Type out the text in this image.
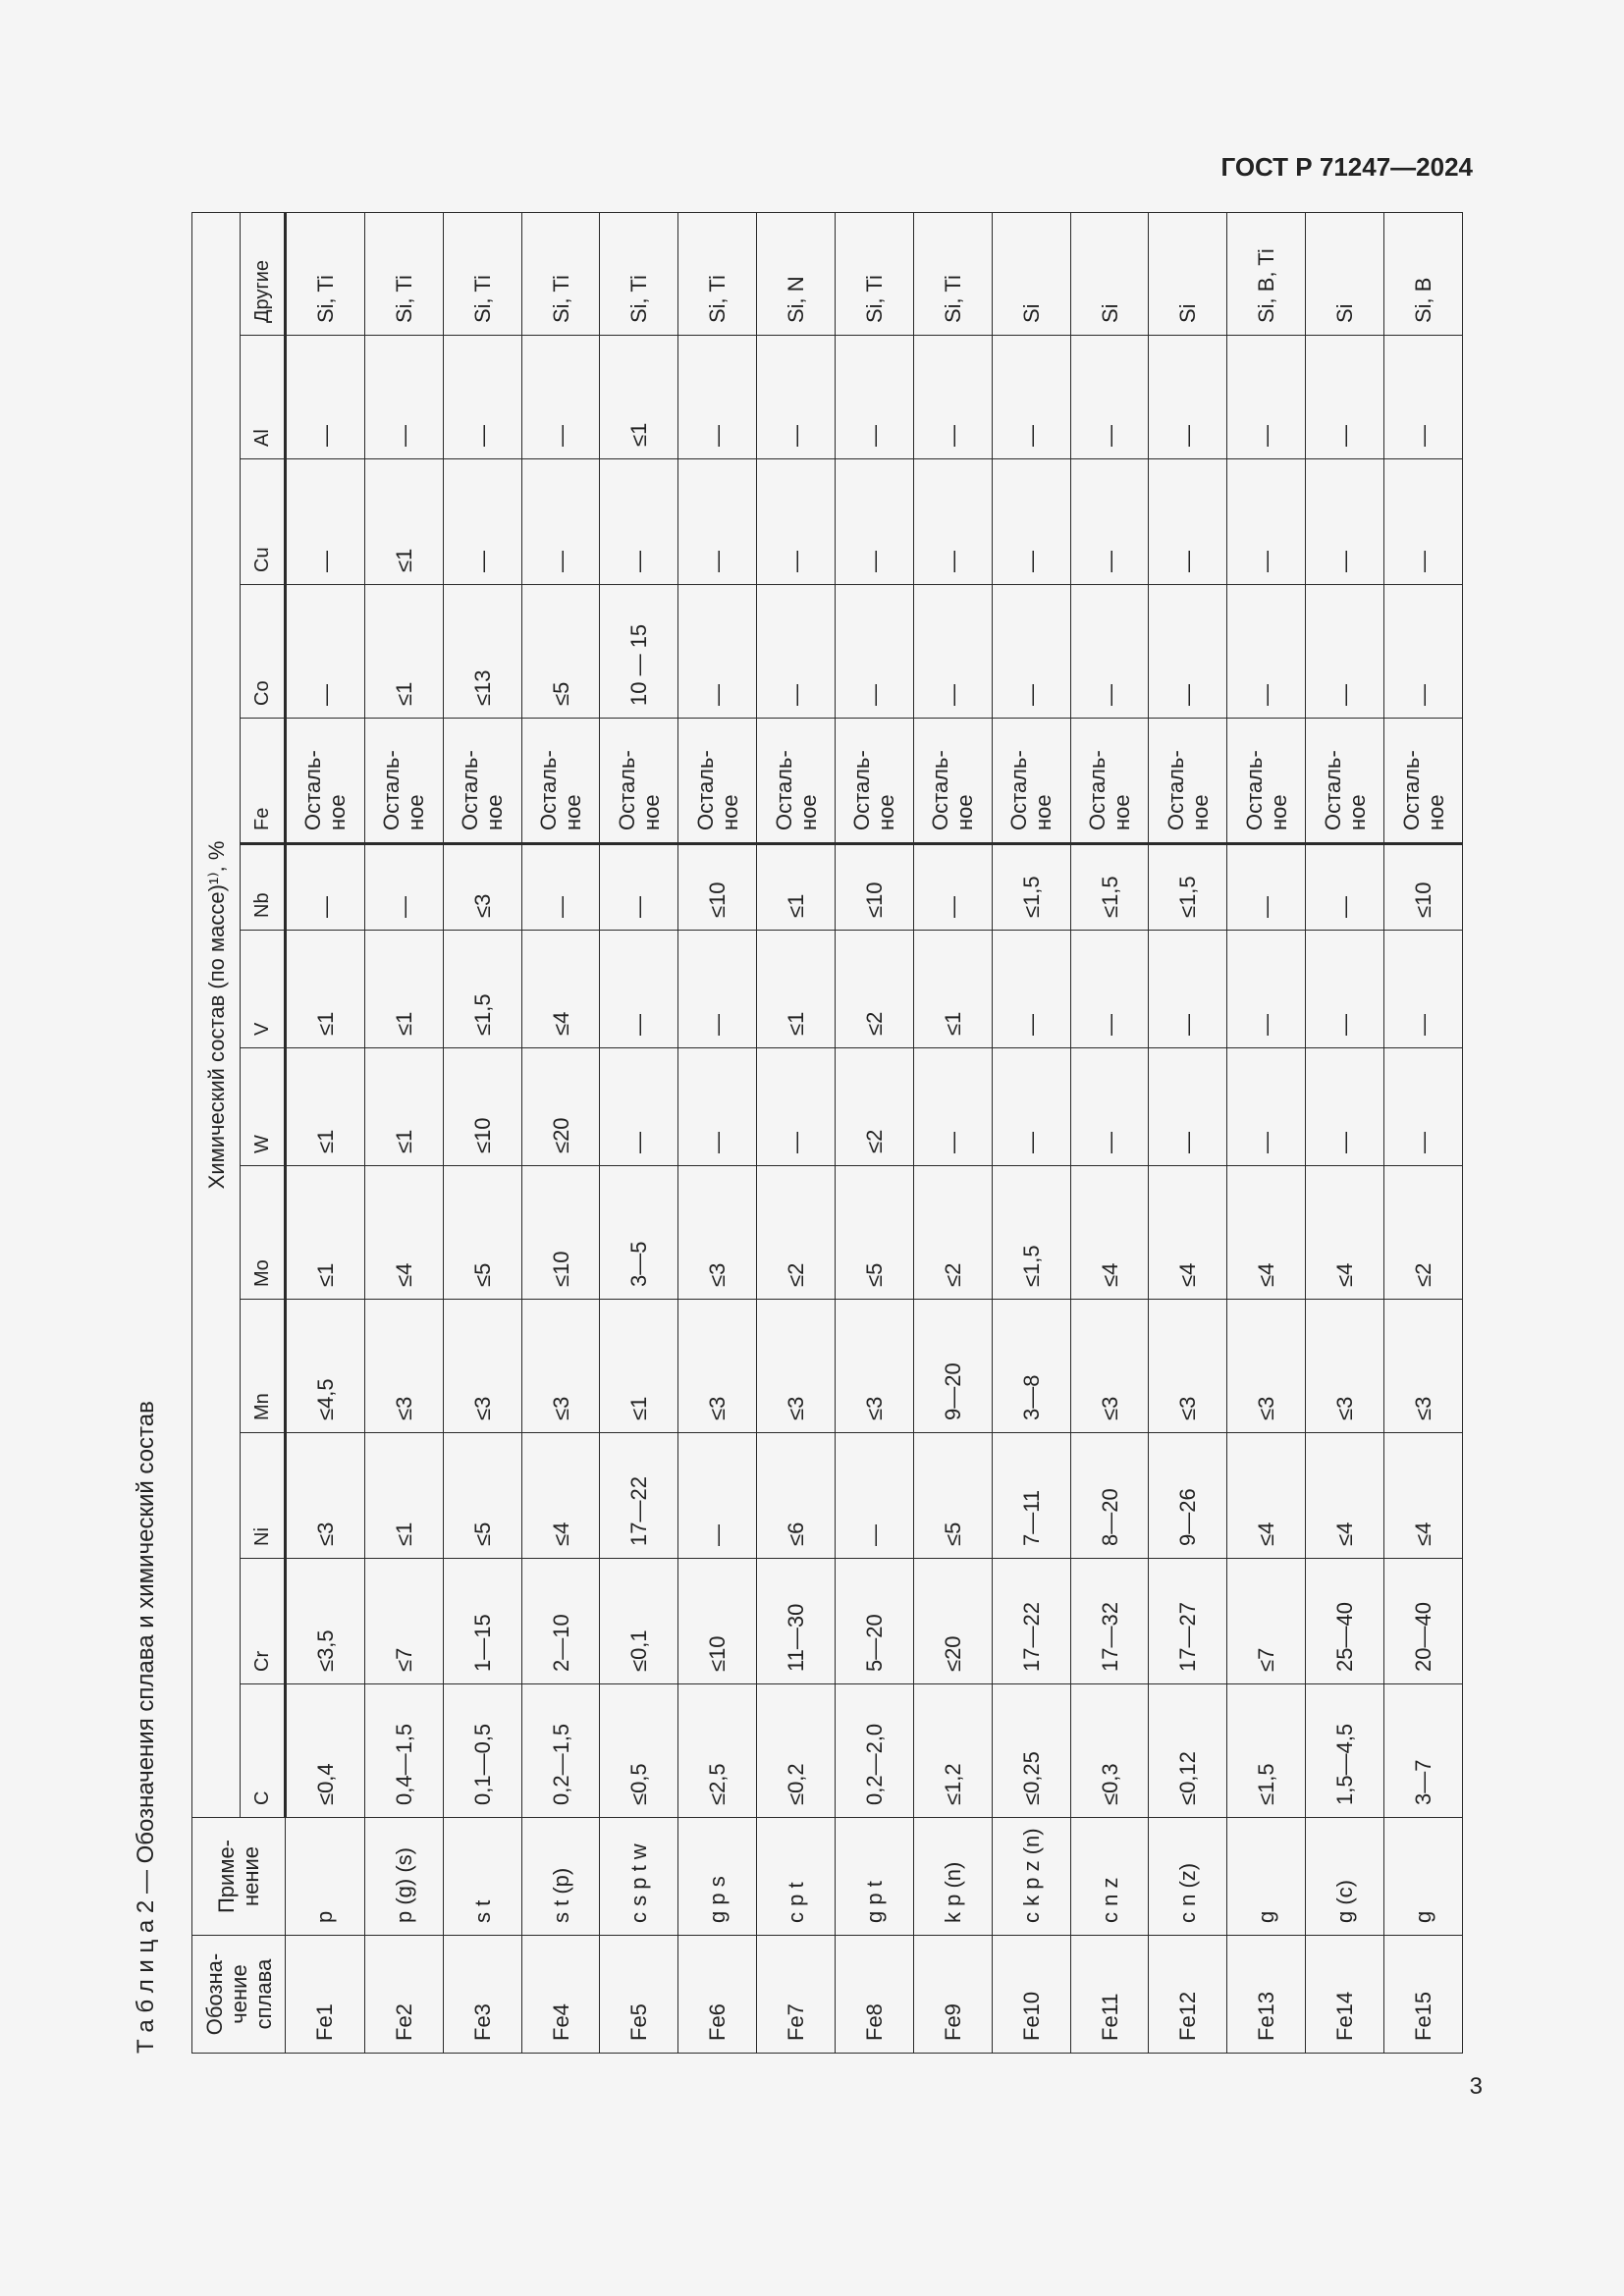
ГОСТ Р 71247—2024
Т а б л и ц а 2 — Обозначения сплава и химический состав Обозна-чение сплава	Приме-нение	Химический состав (по массе)¹⁾, %												
		C	Cr	Ni	Mn	Mo	W	V	Nb	Fe	Co	Cu	Al	Другие
Fe1	p	≤0,4	≤3,5	≤3	≤4,5	≤1	≤1	≤1	—	Осталь-ное	—	—	—	Si, Ti
Fe2	p (g) (s)	0,4—1,5	≤7	≤1	≤3	≤4	≤1	≤1	—	Осталь-ное	≤1	≤1	—	Si, Ti
Fe3	s t	0,1—0,5	1—15	≤5	≤3	≤5	≤10	≤1,5	≤3	Осталь-ное	≤13	—	—	Si, Ti
Fe4	s t (p)	0,2—1,5	2—10	≤4	≤3	≤10	≤20	≤4	—	Осталь-ное	≤5	—	—	Si, Ti
Fe5	c s p t w	≤0,5	≤0,1	17—22	≤1	3—5	—	—	—	Осталь-ное	10 — 15	—	≤1	Si, Ti
Fe6	g p s	≤2,5	≤10	—	≤3	≤3	—	—	≤10	Осталь-ное	—	—	—	Si, Ti
Fe7	c p t	≤0,2	11—30	≤6	≤3	≤2	—	≤1	≤1	Осталь-ное	—	—	—	Si, N
Fe8	g p t	0,2—2,0	5—20	—	≤3	≤5	≤2	≤2	≤10	Осталь-ное	—	—	—	Si, Ti
Fe9	k p (n)	≤1,2	≤20	≤5	9—20	≤2	—	≤1	—	Осталь-ное	—	—	—	Si, Ti
Fe10	c k p z (n)	≤0,25	17—22	7—11	3—8	≤1,5	—	—	≤1,5	Осталь-ное	—	—	—	Si
Fe11	c n z	≤0,3	17—32	8—20	≤3	≤4	—	—	≤1,5	Осталь-ное	—	—	—	Si
Fe12	c n (z)	≤0,12	17—27	9—26	≤3	≤4	—	—	≤1,5	Осталь-ное	—	—	—	Si
Fe13	g	≤1,5	≤7	≤4	≤3	≤4	—	—	—	Осталь-ное	—	—	—	Si, B, Ti
Fe14	g (c)	1,5—4,5	25—40	≤4	≤3	≤4	—	—	—	Осталь-ное	—	—	—	Si
Fe15	g	3—7	20—40	≤4	≤3	≤2	—	—	≤10	Осталь-ное	—	—	—	Si, B
3
